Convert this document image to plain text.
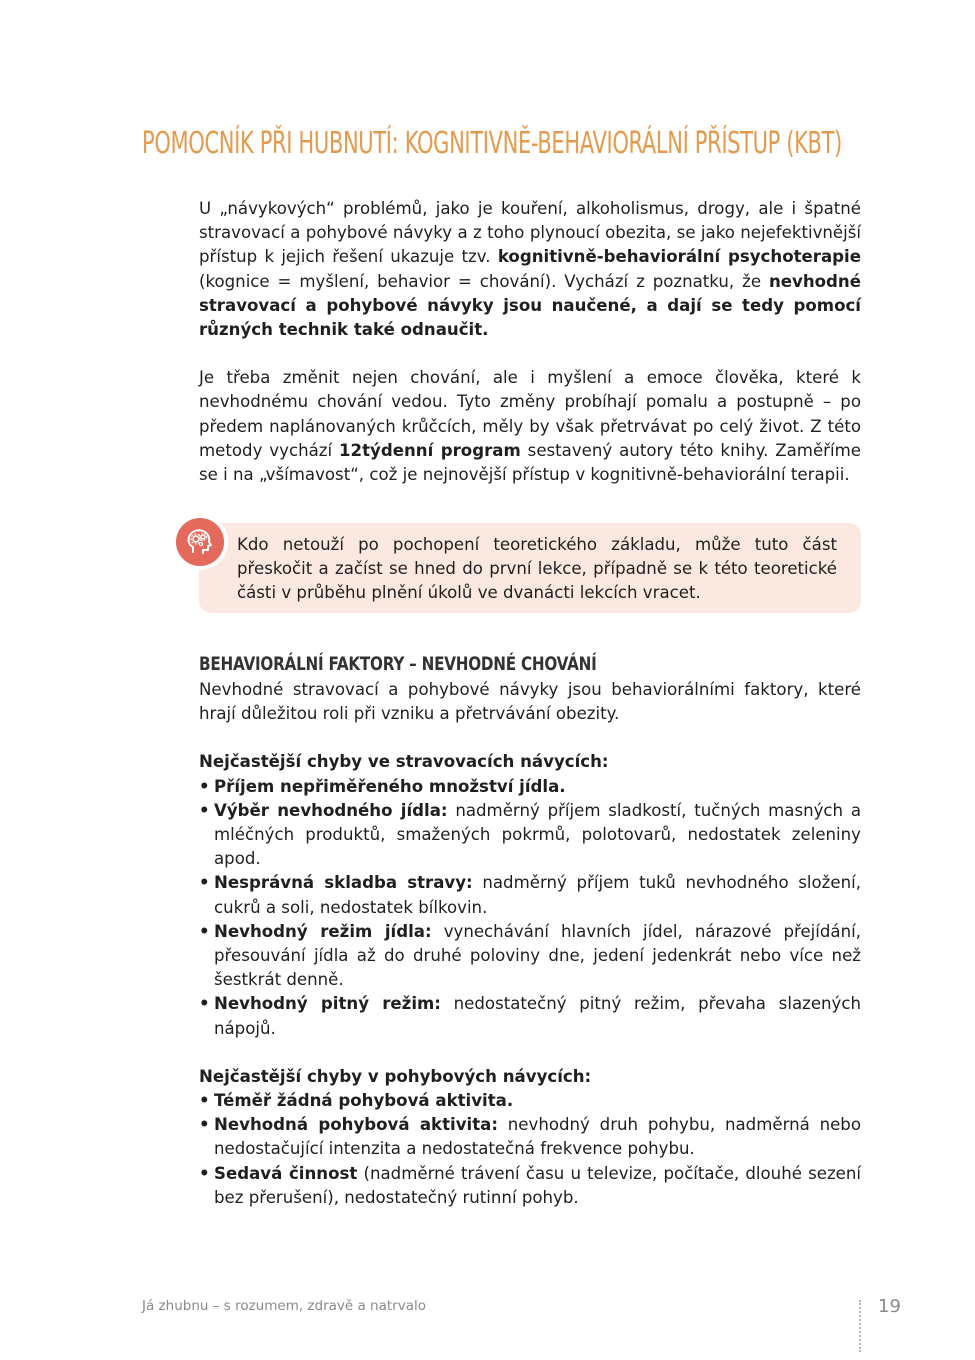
POMOCNÍK PŘI HUBNUTÍ: KOGNITIVNĚ-BEHAVIORÁLNÍ PŘÍSTUP (KBT)

U „návykových“ problémů, jako je kouření, alkoholismus, drogy, ale i špatné stravovací a pohybové návyky a z toho plynoucí obezita, se jako nejefektivnější přístup k jejich řešení ukazuje tzv. kognitivně-behaviorální psychoterapie (kognice = myšlení, behavior = chování). Vychází z poznatku, že nevhodné stravovací a pohybové návyky jsou naučené, a dají se tedy pomocí různých technik také odnaučit.

Je třeba změnit nejen chování, ale i myšlení a emoce člověka, které k nevhodnému chování vedou. Tyto změny probíhají pomalu a postupně – po předem naplánovaných krůčcích, měly by však přetrvávat po celý život. Z této metody vychází 12týdenní program sestavený autory této knihy. Zaměříme se i na „všímavost“, což je nejnovější přístup v kognitivně-behaviorální terapii.

Kdo netouží po pochopení teoretického základu, může tuto část přeskočit a začíst se hned do první lekce, případně se k této teoretické části v průběhu plnění úkolů ve dvanácti lekcích vracet.

BEHAVIORÁLNÍ FAKTORY – NEVHODNÉ CHOVÁNÍ

Nevhodné stravovací a pohybové návyky jsou behaviorálními faktory, které hrají důležitou roli při vzniku a přetrvávání obezity.

Nejčastější chyby ve stravovacích návycích:

• Příjem nepřiměřeného množství jídla.
• Výběr nevhodného jídla: nadměrný příjem sladkostí, tučných masných a mléčných produktů, smažených pokrmů, polotovarů, nedostatek zeleniny apod.
• Nesprávná skladba stravy: nadměrný příjem tuků nevhodného složení, cukrů a soli, nedostatek bílkovin.
• Nevhodný režim jídla: vynechávání hlavních jídel, nárazové přejídání, přesouvání jídla až do druhé poloviny dne, jedení jedenkrát nebo více než šestkrát denně.
• Nevhodný pitný režim: nedostatečný pitný režim, převaha slazených nápojů.

Nejčastější chyby v pohybových návycích:

• Téměř žádná pohybová aktivita.
• Nevhodná pohybová aktivita: nevhodný druh pohybu, nadměrná nebo nedostačující intenzita a nedostatečná frekvence pohybu.
• Sedavá činnost (nadměrné trávení času u televize, počítače, dlouhé sezení bez přerušení), nedostatečný rutinní pohyb.
Já zhubnu – s rozumem, zdravě a natrvalo	19
